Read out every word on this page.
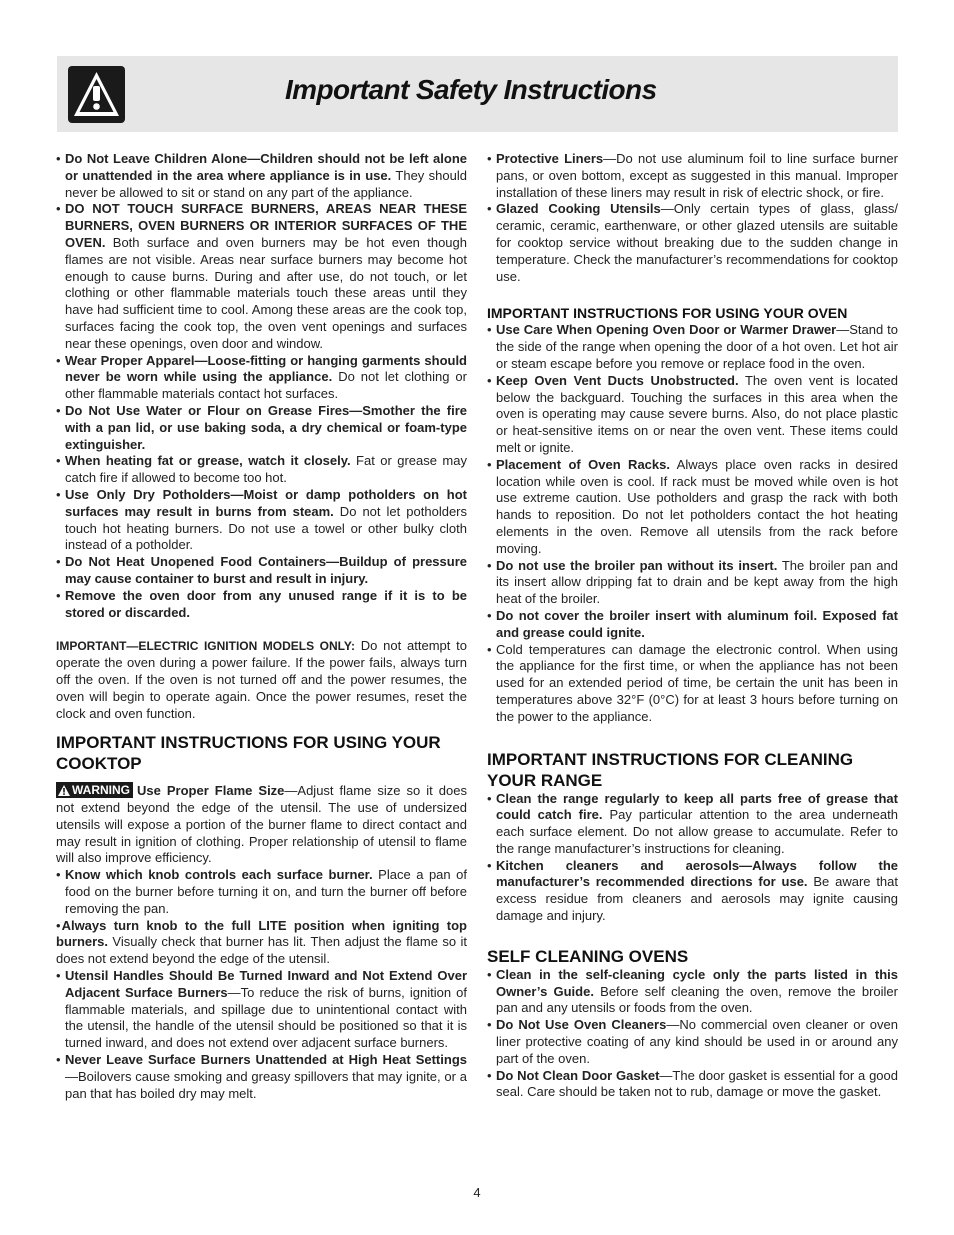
Important Safety Instructions
• Do Not Leave Children Alone—Children should not be left alone or unattended in the area where appliance is in use. They should never be allowed to sit or stand on any part of the appliance.
• DO NOT TOUCH SURFACE BURNERS, AREAS NEAR THESE BURNERS, OVEN BURNERS OR INTERIOR SURFACES OF THE OVEN. Both surface and oven burners may be hot even though flames are not visible. Areas near surface burners may become hot enough to cause burns. During and after use, do not touch, or let clothing or other flammable materials touch these areas until they have had sufficient time to cool. Among these areas are the cook top, surfaces facing the cook top, the oven vent openings and surfaces near these openings, oven door and window.
• Wear Proper Apparel—Loose-fitting or hanging garments should never be worn while using the appliance. Do not let clothing or other flammable materials contact hot surfaces.
• Do Not Use Water or Flour on Grease Fires—Smother the fire with a pan lid, or use baking soda, a dry chemical or foam-type extinguisher.
• When heating fat or grease, watch it closely. Fat or grease may catch fire if allowed to become too hot.
• Use Only Dry Potholders—Moist or damp potholders on hot surfaces may result in burns from steam. Do not let potholders touch hot heating burners. Do not use a towel or other bulky cloth instead of a potholder.
• Do Not Heat Unopened Food Containers—Buildup of pressure may cause container to burst and result in injury.
• Remove the oven door from any unused range if it is to be stored or discarded.
IMPORTANT—ELECTRIC IGNITION MODELS ONLY: Do not attempt to operate the oven during a power failure. If the power fails, always turn off the oven. If the oven is not turned off and the power resumes, the oven will begin to operate again. Once the power resumes, reset the clock and oven function.
IMPORTANT INSTRUCTIONS FOR USING YOUR COOKTOP
WARNING Use Proper Flame Size—Adjust flame size so it does not extend beyond the edge of the utensil. The use of undersized utensils will expose a portion of the burner flame to direct contact and may result in ignition of clothing. Proper relationship of utensil to flame will also improve efficiency.
• Know which knob controls each surface burner. Place a pan of food on the burner before turning it on, and turn the burner off before removing the pan.
• Always turn knob to the full LITE position when igniting top burners. Visually check that burner has lit. Then adjust the flame so it does not extend beyond the edge of the utensil.
• Utensil Handles Should Be Turned Inward and Not Extend Over Adjacent Surface Burners—To reduce the risk of burns, ignition of flammable materials, and spillage due to unintentional contact with the utensil, the handle of the utensil should be positioned so that it is turned inward, and does not extend over adjacent surface burners.
• Never Leave Surface Burners Unattended at High Heat Settings—Boilovers cause smoking and greasy spillovers that may ignite, or a pan that has boiled dry may melt.
• Protective Liners—Do not use aluminum foil to line surface burner pans, or oven bottom, except as suggested in this manual. Improper installation of these liners may result in risk of electric shock, or fire.
• Glazed Cooking Utensils—Only certain types of glass, glass/ ceramic, ceramic, earthenware, or other glazed utensils are suitable for cooktop service without breaking due to the sudden change in temperature. Check the manufacturer’s recommendations for cooktop use.
IMPORTANT INSTRUCTIONS FOR USING YOUR OVEN
• Use Care When Opening Oven Door or Warmer Drawer—Stand to the side of the range when opening the door of a hot oven. Let hot air or steam escape before you remove or replace food in the oven.
• Keep Oven Vent Ducts Unobstructed. The oven vent is located below the backguard. Touching the surfaces in this area when the oven is operating may cause severe burns. Also, do not place plastic or heat-sensitive items on or near the oven vent. These items could melt or ignite.
• Placement of Oven Racks. Always place oven racks in desired location while oven is cool. If rack must be moved while oven is hot use extreme caution. Use potholders and grasp the rack with both hands to reposition. Do not let potholders contact the hot heating elements in the oven. Remove all utensils from the rack before moving.
• Do not use the broiler pan without its insert. The broiler pan and its insert allow dripping fat to drain and be kept away from the high heat of the broiler.
• Do not cover the broiler insert with aluminum foil. Exposed fat and grease could ignite.
• Cold temperatures can damage the electronic control. When using the appliance for the first time, or when the appliance has not been used for an extended period of time, be certain the unit has been in temperatures above 32°F (0°C) for at least 3 hours before turning on the power to the appliance.
IMPORTANT INSTRUCTIONS FOR CLEANING YOUR RANGE
• Clean the range regularly to keep all parts free of grease that could catch fire. Pay particular attention to the area underneath each surface element. Do not allow grease to accumulate. Refer to the range manufacturer’s instructions for cleaning.
• Kitchen cleaners and aerosols—Always follow the manufacturer’s recommended directions for use. Be aware that excess residue from cleaners and aerosols may ignite causing damage and injury.
SELF CLEANING OVENS
• Clean in the self-cleaning cycle only the parts listed in this Owner’s Guide. Before self cleaning the oven, remove the broiler pan and any utensils or foods from the oven.
• Do Not Use Oven Cleaners—No commercial oven cleaner or oven liner protective coating of any kind should be used in or around any part of the oven.
• Do Not Clean Door Gasket—The door gasket is essential for a good seal. Care should be taken not to rub, damage or move the gasket.
4
